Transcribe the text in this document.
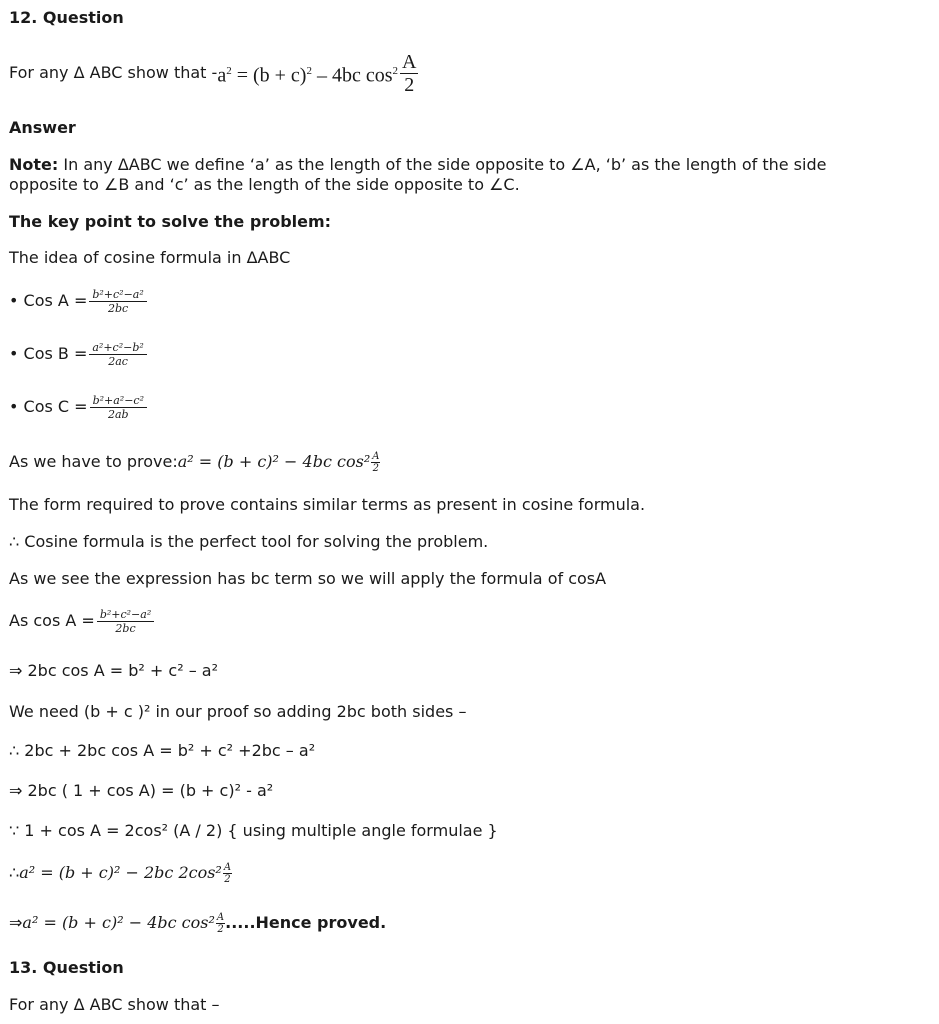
12. Question
For any Δ ABC show that - $a^2 = (b + c)^2 - 4bc$ $\cos^2 \frac{A}{2}$
Answer
Note: In any ΔABC we define ‘a’ as the length of the side opposite to ∠A, ‘b’ as the length of the side
opposite to ∠B and ‘c’ as the length of the side opposite to ∠C.
The key point to solve the problem:
The idea of cosine formula in ΔABC
• Cos $A = \frac{\text{b²+c²−a²}}{2bc}$
• Cos $B = \frac{\text{a²+c²−b²}}{2ac}$
• Cos $C = \frac{\text{b²+a²−c²}}{2ab}$
As we have to prove: a² = (b + c)² − 4bc $\cos^2 \frac{A}{2}$
The form required to prove contains similar terms as present in cosine formula.
∴ Cosine formula is the perfect tool for solving the problem.
As we see the expression has bc term so we will apply the formula of cosA
As $\cos A = \frac{\text{b²+c²−a²}}{2bc}$
⇒ 2bc cos A = b² + c² – a²
We need (b + c )² in our proof so adding 2bc both sides –
∴ 2bc + 2bc cos A = b² + c² +2bc – a²
⇒ 2bc ( 1 + cos A) = (b + c)² - a²
∵ 1 + cos A = 2cos² (A / 2) { using multiple angle formulae }
∴ a² = (b + c)² − 2bc $2\cos^2 \frac{A}{2}$
⇒ a² = (b + c)² − 4bc $\cos^2 \frac{A}{2}$ .....Hence proved.
13. Question
For any Δ ABC show that –
